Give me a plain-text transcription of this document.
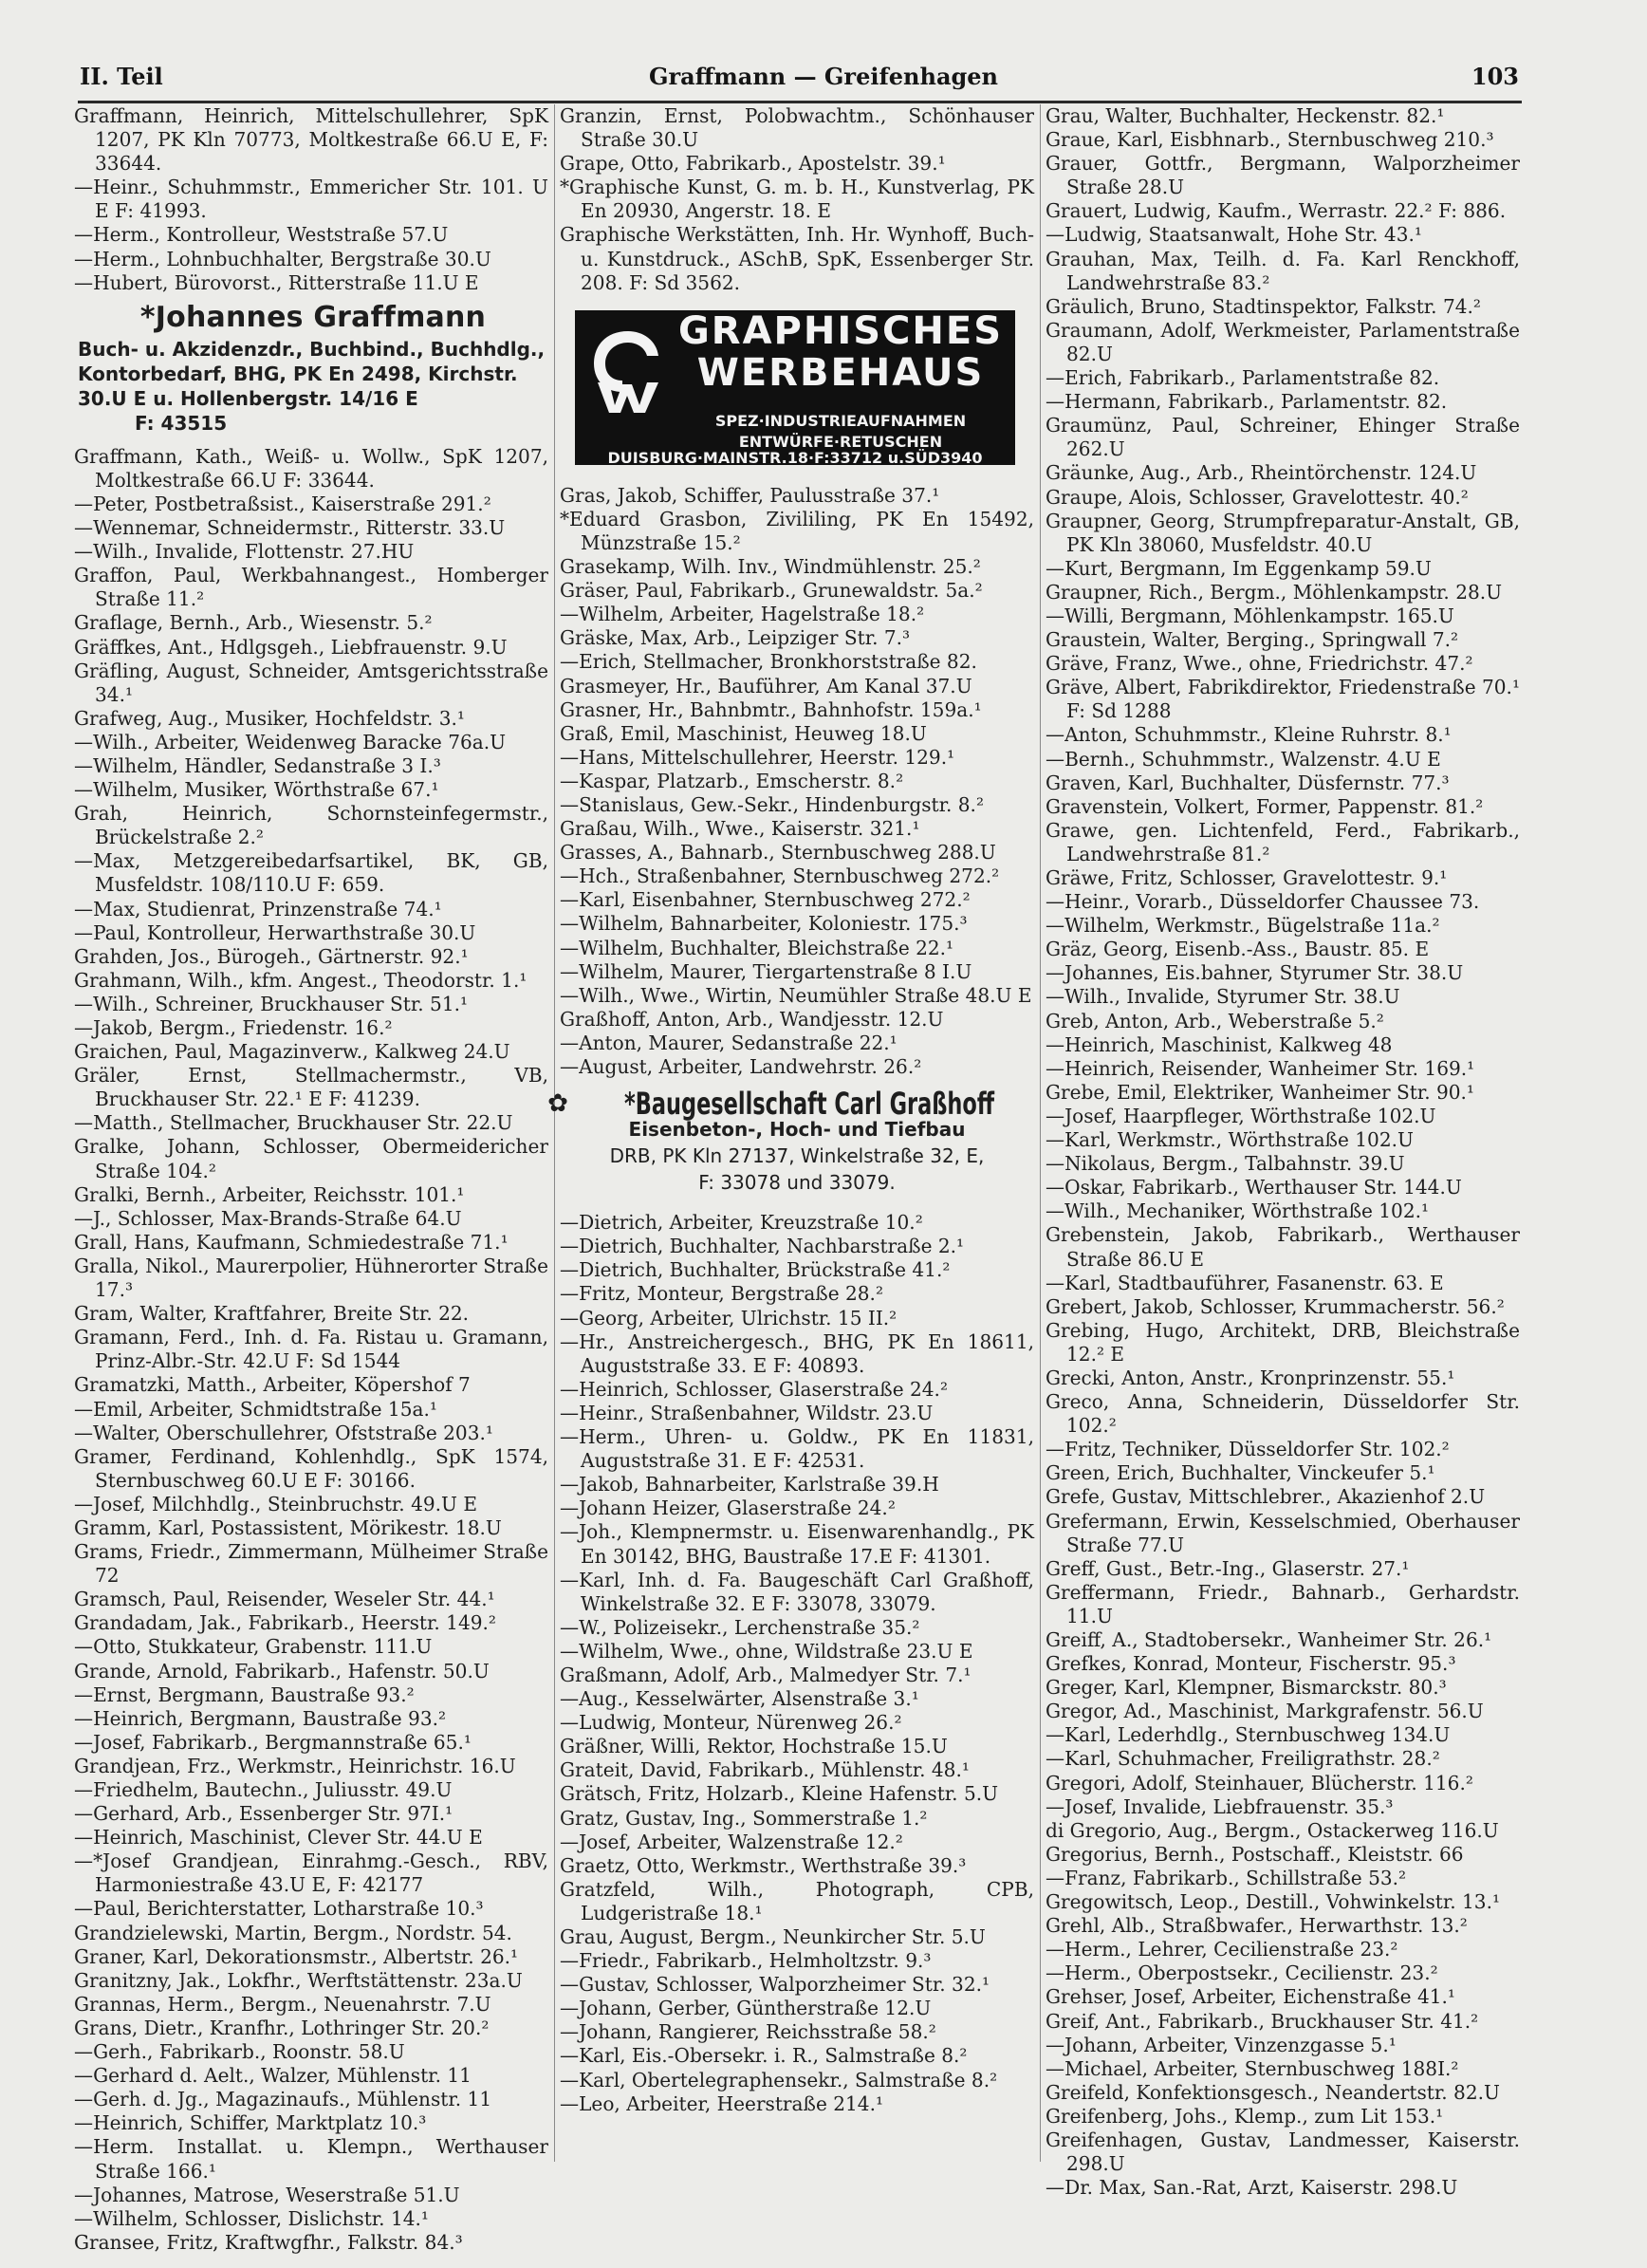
II. Teil	Graffmann — Greifenhagen	103
Graffmann, Heinrich, Mittelschullehrer, SpK 1207, PK Kln 70773, Moltkestraße 66.U E, F: 33644.
—Heinr., Schuhmmstr., Emmericher Str. 101. U E F: 41993.
—Herm., Kontrolleur, Weststraße 57.U
—Herm., Lohnbuchhalter, Bergstraße 30.U
—Hubert, Bürovorst., Ritterstraße 11.U E
*Johannes Graffmann
Buch- u. Akzidenzdr., Buchbind., Buchhdlg., Kontorbedarf, BHG, PK En 2498, Kirchstr. 30.U E u. Hollenbergstr. 14/16 E
F: 43515
Graffmann, Kath., Weiß- u. Wollw., SpK 1207, Moltkestraße 66.U F: 33644.
—Peter, Postbetraßsist., Kaiserstraße 291.²
—Wennemar, Schneidermstr., Ritterstr. 33.U
—Wilh., Invalide, Flottenstr. 27.HU
Graffon, Paul, Werkbahnangest., Homberger Straße 11.²
Graflage, Bernh., Arb., Wiesenstr. 5.²
Gräffkes, Ant., Hdlgsgeh., Liebfrauenstr. 9.U
Gräfling, August, Schneider, Amtsgerichtsstraße 34.¹
Grafweg, Aug., Musiker, Hochfeldstr. 3.¹
—Wilh., Arbeiter, Weidenweg Baracke 76a.U
—Wilhelm, Händler, Sedanstraße 3 I.³
—Wilhelm, Musiker, Wörthstraße 67.¹
Grah, Heinrich, Schornsteinfegermstr., Brückelstraße 2.²
—Max, Metzgereibedarfsartikel, BK, GB, Musfeldstr. 108/110.U F: 659.
—Max, Studienrat, Prinzenstraße 74.¹
—Paul, Kontrolleur, Herwarthstraße 30.U
Grahden, Jos., Bürogeh., Gärtnerstr. 92.¹
Grahmann, Wilh., kfm. Angest., Theodorstr. 1.¹
—Wilh., Schreiner, Bruckhauser Str. 51.¹
—Jakob, Bergm., Friedenstr. 16.²
Graichen, Paul, Magazinverw., Kalkweg 24.U
Gräler, Ernst, Stellmachermstr., VB, Bruckhauser Str. 22.¹ E F: 41239.
—Matth., Stellmacher, Bruckhauser Str. 22.U
Gralke, Johann, Schlosser, Obermeidericher Straße 104.²
Gralki, Bernh., Arbeiter, Reichsstr. 101.¹
—J., Schlosser, Max-Brands-Straße 64.U
Grall, Hans, Kaufmann, Schmiedestraße 71.¹
Gralla, Nikol., Maurerpolier, Hühnerorter Straße 17.³
Gram, Walter, Kraftfahrer, Breite Str. 22.
Gramann, Ferd., Inh. d. Fa. Ristau u. Gramann, Prinz-Albr.-Str. 42.U F: Sd 1544
Gramatzki, Matth., Arbeiter, Köpershof 7
—Emil, Arbeiter, Schmidtstraße 15a.¹
—Walter, Oberschullehrer, Ofststraße 203.¹
Gramer, Ferdinand, Kohlenhdlg., SpK 1574, Sternbuschweg 60.U E F: 30166.
—Josef, Milchhdlg., Steinbruchstr. 49.U E
Gramm, Karl, Postassistent, Mörikestr. 18.U
Grams, Friedr., Zimmermann, Mülheimer Straße 72
Gramsch, Paul, Reisender, Weseler Str. 44.¹
Grandadam, Jak., Fabrikarb., Heerstr. 149.²
—Otto, Stukkateur, Grabenstr. 111.U
Grande, Arnold, Fabrikarb., Hafenstr. 50.U
—Ernst, Bergmann, Baustraße 93.²
—Heinrich, Bergmann, Baustraße 93.²
—Josef, Fabrikarb., Bergmannstraße 65.¹
Grandjean, Frz., Werkmstr., Heinrichstr. 16.U
—Friedhelm, Bautechn., Juliusstr. 49.U
—Gerhard, Arb., Essenberger Str. 97I.¹
—Heinrich, Maschinist, Clever Str. 44.U E
—*Josef Grandjean, Einrahmg.-Gesch., RBV, Harmoniestraße 43.U E, F: 42177
—Paul, Berichterstatter, Lotharstraße 10.³
Grandzielewski, Martin, Bergm., Nordstr. 54.
Graner, Karl, Dekorationsmstr., Albertstr. 26.¹
Granitzny, Jak., Lokfhr., Werftstättenstr. 23a.U
Grannas, Herm., Bergm., Neuenahrstr. 7.U
Grans, Dietr., Kranfhr., Lothringer Str. 20.²
—Gerh., Fabrikarb., Roonstr. 58.U
—Gerhard d. Aelt., Walzer, Mühlenstr. 11
—Gerh. d. Jg., Magazinaufs., Mühlenstr. 11
—Heinrich, Schiffer, Marktplatz 10.³
—Herm. Installat. u. Klempn., Werthauser Straße 166.¹
—Johannes, Matrose, Weserstraße 51.U
—Wilhelm, Schlosser, Dislichstr. 14.¹
Gransee, Fritz, Kraftwgfhr., Falkstr. 84.³
Granzin, Ernst, Polobwachtm., Schönhauser Straße 30.U
Grape, Otto, Fabrikarb., Apostelstr. 39.¹
*Graphische Kunst, G. m. b. H., Kunstverlag, PK En 20930, Angerstr. 18. E
Graphische Werkstätten, Inh. Hr. Wynhoff, Buch- u. Kunstdruck., ASchB, SpK, Essenberger Str. 208. F: Sd 3562.
GRAPHISCHES
WERBEHAUS
SPEZ·INDUSTRIEAUFNAHMEN
ENTWÜRFE·RETUSCHEN
DUISBURG·MAINSTR.18·F:33712 u.SÜD3940
Gras, Jakob, Schiffer, Paulusstraße 37.¹
*Eduard Grasbon, Zivililing, PK En 15492, Münzstraße 15.²
Grasekamp, Wilh. Inv., Windmühlenstr. 25.²
Gräser, Paul, Fabrikarb., Grunewaldstr. 5a.²
—Wilhelm, Arbeiter, Hagelstraße 18.²
Gräske, Max, Arb., Leipziger Str. 7.³
—Erich, Stellmacher, Bronkhorststraße 82.
Grasmeyer, Hr., Bauführer, Am Kanal 37.U
Grasner, Hr., Bahnbmtr., Bahnhofstr. 159a.¹
Graß, Emil, Maschinist, Heuweg 18.U
—Hans, Mittelschullehrer, Heerstr. 129.¹
—Kaspar, Platzarb., Emscherstr. 8.²
—Stanislaus, Gew.-Sekr., Hindenburgstr. 8.²
Graßau, Wilh., Wwe., Kaiserstr. 321.¹
Grasses, A., Bahnarb., Sternbuschweg 288.U
—Hch., Straßenbahner, Sternbuschweg 272.²
—Karl, Eisenbahner, Sternbuschweg 272.²
—Wilhelm, Bahnarbeiter, Koloniestr. 175.³
—Wilhelm, Buchhalter, Bleichstraße 22.¹
—Wilhelm, Maurer, Tiergartenstraße 8 I.U
—Wilh., Wwe., Wirtin, Neumühler Straße 48.U E
Graßhoff, Anton, Arb., Wandjesstr. 12.U
—Anton, Maurer, Sedanstraße 22.¹
—August, Arbeiter, Landwehrstr. 26.²
✿ *Baugesellschaft Carl Graßhoff
Eisenbeton-, Hoch- und Tiefbau
DRB, PK Kln 27137, Winkelstraße 32, E,
F: 33078 und 33079.
—Dietrich, Arbeiter, Kreuzstraße 10.²
—Dietrich, Buchhalter, Nachbarstraße 2.¹
—Dietrich, Buchhalter, Brückstraße 41.²
—Fritz, Monteur, Bergstraße 28.²
—Georg, Arbeiter, Ulrichstr. 15 II.²
—Hr., Anstreichergesch., BHG, PK En 18611, Auguststraße 33. E F: 40893.
—Heinrich, Schlosser, Glaserstraße 24.²
—Heinr., Straßenbahner, Wildstr. 23.U
—Herm., Uhren- u. Goldw., PK En 11831, Auguststraße 31. E F: 42531.
—Jakob, Bahnarbeiter, Karlstraße 39.H
—Johann Heizer, Glaserstraße 24.²
—Joh., Klempnermstr. u. Eisenwarenhandlg., PK En 30142, BHG, Baustraße 17.E F: 41301.
—Karl, Inh. d. Fa. Baugeschäft Carl Graßhoff, Winkelstraße 32. E F: 33078, 33079.
—W., Polizeisekr., Lerchenstraße 35.²
—Wilhelm, Wwe., ohne, Wildstraße 23.U E
Graßmann, Adolf, Arb., Malmedyer Str. 7.¹
—Aug., Kesselwärter, Alsenstraße 3.¹
—Ludwig, Monteur, Nürenweg 26.²
Gräßner, Willi, Rektor, Hochstraße 15.U
Grateit, David, Fabrikarb., Mühlenstr. 48.¹
Grätsch, Fritz, Holzarb., Kleine Hafenstr. 5.U
Gratz, Gustav, Ing., Sommerstraße 1.²
—Josef, Arbeiter, Walzenstraße 12.²
Graetz, Otto, Werkmstr., Werthstraße 39.³
Gratzfeld, Wilh., Photograph, CPB, Ludgeristraße 18.¹
Grau, August, Bergm., Neunkircher Str. 5.U
—Friedr., Fabrikarb., Helmholtzstr. 9.³
—Gustav, Schlosser, Walporzheimer Str. 32.¹
—Johann, Gerber, Güntherstraße 12.U
—Johann, Rangierer, Reichsstraße 58.²
—Karl, Eis.-Obersekr. i. R., Salmstraße 8.²
—Karl, Obertelegraphensekr., Salmstraße 8.²
—Leo, Arbeiter, Heerstraße 214.¹
Grau, Walter, Buchhalter, Heckenstr. 82.¹
Graue, Karl, Eisbhnarb., Sternbuschweg 210.³
Grauer, Gottfr., Bergmann, Walporzheimer Straße 28.U
Grauert, Ludwig, Kaufm., Werrastr. 22.² F: 886.
—Ludwig, Staatsanwalt, Hohe Str. 43.¹
Grauhan, Max, Teilh. d. Fa. Karl Renckhoff, Landwehrstraße 83.²
Gräulich, Bruno, Stadtinspektor, Falkstr. 74.²
Graumann, Adolf, Werkmeister, Parlamentstraße 82.U
—Erich, Fabrikarb., Parlamentstraße 82.
—Hermann, Fabrikarb., Parlamentstr. 82.
Graumünz, Paul, Schreiner, Ehinger Straße 262.U
Gräunke, Aug., Arb., Rheintörchenstr. 124.U
Graupe, Alois, Schlosser, Gravelottestr. 40.²
Graupner, Georg, Strumpfreparatur-Anstalt, GB, PK Kln 38060, Musfeldstr. 40.U
—Kurt, Bergmann, Im Eggenkamp 59.U
Graupner, Rich., Bergm., Möhlenkampstr. 28.U
—Willi, Bergmann, Möhlenkampstr. 165.U
Graustein, Walter, Berging., Springwall 7.²
Gräve, Franz, Wwe., ohne, Friedrichstr. 47.²
Gräve, Albert, Fabrikdirektor, Friedenstraße 70.¹ F: Sd 1288
—Anton, Schuhmmstr., Kleine Ruhrstr. 8.¹
—Bernh., Schuhmmstr., Walzenstr. 4.U E
Graven, Karl, Buchhalter, Düsfernstr. 77.³
Gravenstein, Volkert, Former, Pappenstr. 81.²
Grawe, gen. Lichtenfeld, Ferd., Fabrikarb., Landwehrstraße 81.²
Gräwe, Fritz, Schlosser, Gravelottestr. 9.¹
—Heinr., Vorarb., Düsseldorfer Chaussee 73.
—Wilhelm, Werkmstr., Bügelstraße 11a.²
Gräz, Georg, Eisenb.-Ass., Baustr. 85. E
—Johannes, Eis.bahner, Styrumer Str. 38.U
—Wilh., Invalide, Styrumer Str. 38.U
Greb, Anton, Arb., Weberstraße 5.²
—Heinrich, Maschinist, Kalkweg 48
—Heinrich, Reisender, Wanheimer Str. 169.¹
Grebe, Emil, Elektriker, Wanheimer Str. 90.¹
—Josef, Haarpfleger, Wörthstraße 102.U
—Karl, Werkmstr., Wörthstraße 102.U
—Nikolaus, Bergm., Talbahnstr. 39.U
—Oskar, Fabrikarb., Werthauser Str. 144.U
—Wilh., Mechaniker, Wörthstraße 102.¹
Grebenstein, Jakob, Fabrikarb., Werthauser Straße 86.U E
—Karl, Stadtbauführer, Fasanenstr. 63. E
Grebert, Jakob, Schlosser, Krummacherstr. 56.²
Grebing, Hugo, Architekt, DRB, Bleichstraße 12.² E
Grecki, Anton, Anstr., Kronprinzenstr. 55.¹
Greco, Anna, Schneiderin, Düsseldorfer Str. 102.²
—Fritz, Techniker, Düsseldorfer Str. 102.²
Green, Erich, Buchhalter, Vinckeufer 5.¹
Grefe, Gustav, Mittschlebrer., Akazienhof 2.U
Grefermann, Erwin, Kesselschmied, Oberhauser Straße 77.U
Greff, Gust., Betr.-Ing., Glaserstr. 27.¹
Greffermann, Friedr., Bahnarb., Gerhardstr. 11.U
Greiff, A., Stadtobersekr., Wanheimer Str. 26.¹
Grefkes, Konrad, Monteur, Fischerstr. 95.³
Greger, Karl, Klempner, Bismarckstr. 80.³
Gregor, Ad., Maschinist, Markgrafenstr. 56.U
—Karl, Lederhdlg., Sternbuschweg 134.U
—Karl, Schuhmacher, Freiligrathstr. 28.²
Gregori, Adolf, Steinhauer, Blücherstr. 116.²
—Josef, Invalide, Liebfrauenstr. 35.³
di Gregorio, Aug., Bergm., Ostackerweg 116.U
Gregorius, Bernh., Postschaff., Kleiststr. 66
—Franz, Fabrikarb., Schillstraße 53.²
Gregowitsch, Leop., Destill., Vohwinkelstr. 13.¹
Grehl, Alb., Straßbwafer., Herwarthstr. 13.²
—Herm., Lehrer, Cecilienstraße 23.²
—Herm., Oberpostsekr., Cecilienstr. 23.²
Grehser, Josef, Arbeiter, Eichenstraße 41.¹
Greif, Ant., Fabrikarb., Bruckhauser Str. 41.²
—Johann, Arbeiter, Vinzenzgasse 5.¹
—Michael, Arbeiter, Sternbuschweg 188I.²
Greifeld, Konfektionsgesch., Neandertstr. 82.U
Greifenberg, Johs., Klemp., zum Lit 153.¹
Greifenhagen, Gustav, Landmesser, Kaiserstr. 298.U
—Dr. Max, San.-Rat, Arzt, Kaiserstr. 298.U
